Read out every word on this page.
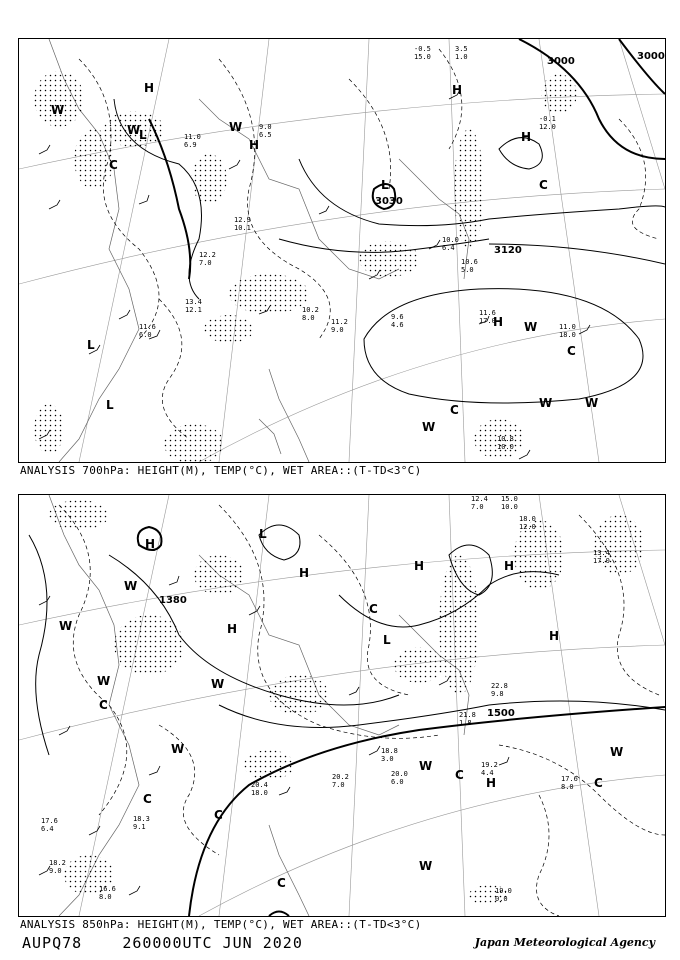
3000	3000
3030
3120
H
H
H
H
H
L
L
L
L
W
W	W
W
W	W
W
C
C
C
C
3.5
1.0
15.0
-0.5
12.0
-0.1
9.0
6.5
11.0
6.9
12.9
10.1
12.2
7.0
11.6
6.0
10.2
8.0 11.2
9.0
10.0
6.4
10.6
5.0
9.6
4.6
11.6
17.0
11.0
18.0
10.8
10.0
13.4
12.1
ANALYSIS 700hPa: HEIGHT(M), TEMP(°C), WET AREA::(T-TD<3°C)
1380
1500
H
H
H	H	H
H
H
L
L
W
W
W	W
W
W
W
W
C
C
C
C
C
C
C
12.4
7.0
15.0
10.0
13.4
17.0
18.0
12.0
20.4
18.0
19.2
4.4
20.0
6.0
19.0
0.0
18.8
3.0
21.8
1.8
20.2
7.0
18.3
9.1
17.6
6.4
18.2
9.0
16.6
8.0
17.6
8.0
22.8
9.8
ANALYSIS 850hPa: HEIGHT(M), TEMP(°C), WET AREA::(T-TD<3°C)
AUPQ78	260000UTC JUN 2020	Japan Meteorological Agency
